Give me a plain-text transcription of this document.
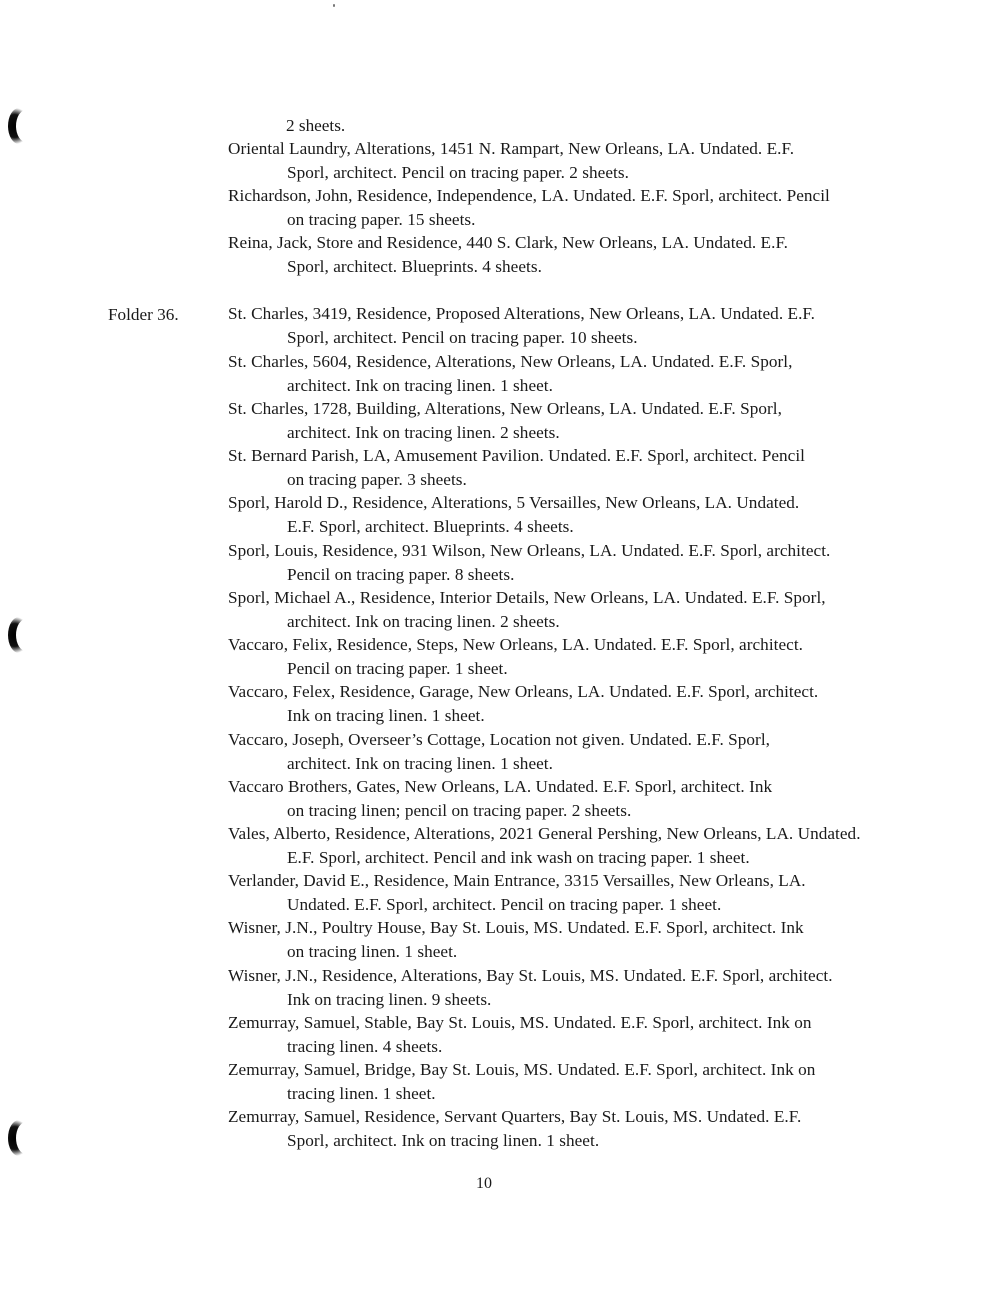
2 sheets.
Oriental Laundry, Alterations, 1451 N. Rampart, New Orleans, LA. Undated. E.F.
Sporl, architect. Pencil on tracing paper. 2 sheets.
Richardson, John, Residence, Independence, LA. Undated. E.F. Sporl, architect. Pencil
on tracing paper. 15 sheets.
Reina, Jack, Store and Residence, 440 S. Clark, New Orleans, LA. Undated. E.F.
Sporl, architect. Blueprints. 4 sheets.
Folder 36.	St. Charles, 3419, Residence, Proposed Alterations, New Orleans, LA. Undated. E.F.
Sporl, architect. Pencil on tracing paper. 10 sheets.
St. Charles, 5604, Residence, Alterations, New Orleans, LA. Undated. E.F. Sporl,
architect. Ink on tracing linen. 1 sheet.
St. Charles, 1728, Building, Alterations, New Orleans, LA. Undated. E.F. Sporl,
architect. Ink on tracing linen. 2 sheets.
St. Bernard Parish, LA, Amusement Pavilion. Undated. E.F. Sporl, architect. Pencil
on tracing paper. 3 sheets.
Sporl, Harold D., Residence, Alterations, 5 Versailles, New Orleans, LA. Undated.
E.F. Sporl, architect. Blueprints. 4 sheets.
Sporl, Louis, Residence, 931 Wilson, New Orleans, LA. Undated. E.F. Sporl, architect.
Pencil on tracing paper. 8 sheets.
Sporl, Michael A., Residence, Interior Details, New Orleans, LA. Undated. E.F. Sporl,
architect. Ink on tracing linen. 2 sheets.
Vaccaro, Felix, Residence, Steps, New Orleans, LA. Undated. E.F. Sporl, architect.
Pencil on tracing paper. 1 sheet.
Vaccaro, Felex, Residence, Garage, New Orleans, LA. Undated. E.F. Sporl, architect.
Ink on tracing linen. 1 sheet.
Vaccaro, Joseph, Overseer’s Cottage, Location not given. Undated. E.F. Sporl,
architect. Ink on tracing linen. 1 sheet.
Vaccaro Brothers, Gates, New Orleans, LA. Undated. E.F. Sporl, architect. Ink
on tracing linen; pencil on tracing paper. 2 sheets.
Vales, Alberto, Residence, Alterations, 2021 General Pershing, New Orleans, LA. Undated.
E.F. Sporl, architect. Pencil and ink wash on tracing paper. 1 sheet.
Verlander, David E., Residence, Main Entrance, 3315 Versailles, New Orleans, LA.
Undated. E.F. Sporl, architect. Pencil on tracing paper. 1 sheet.
Wisner, J.N., Poultry House, Bay St. Louis, MS. Undated. E.F. Sporl, architect. Ink
on tracing linen. 1 sheet.
Wisner, J.N., Residence, Alterations, Bay St. Louis, MS. Undated. E.F. Sporl, architect.
Ink on tracing linen. 9 sheets.
Zemurray, Samuel, Stable, Bay St. Louis, MS. Undated. E.F. Sporl, architect. Ink on
tracing linen. 4 sheets.
Zemurray, Samuel, Bridge, Bay St. Louis, MS. Undated. E.F. Sporl, architect. Ink on
tracing linen. 1 sheet.
Zemurray, Samuel, Residence, Servant Quarters, Bay St. Louis, MS. Undated. E.F.
Sporl, architect. Ink on tracing linen. 1 sheet.
10
